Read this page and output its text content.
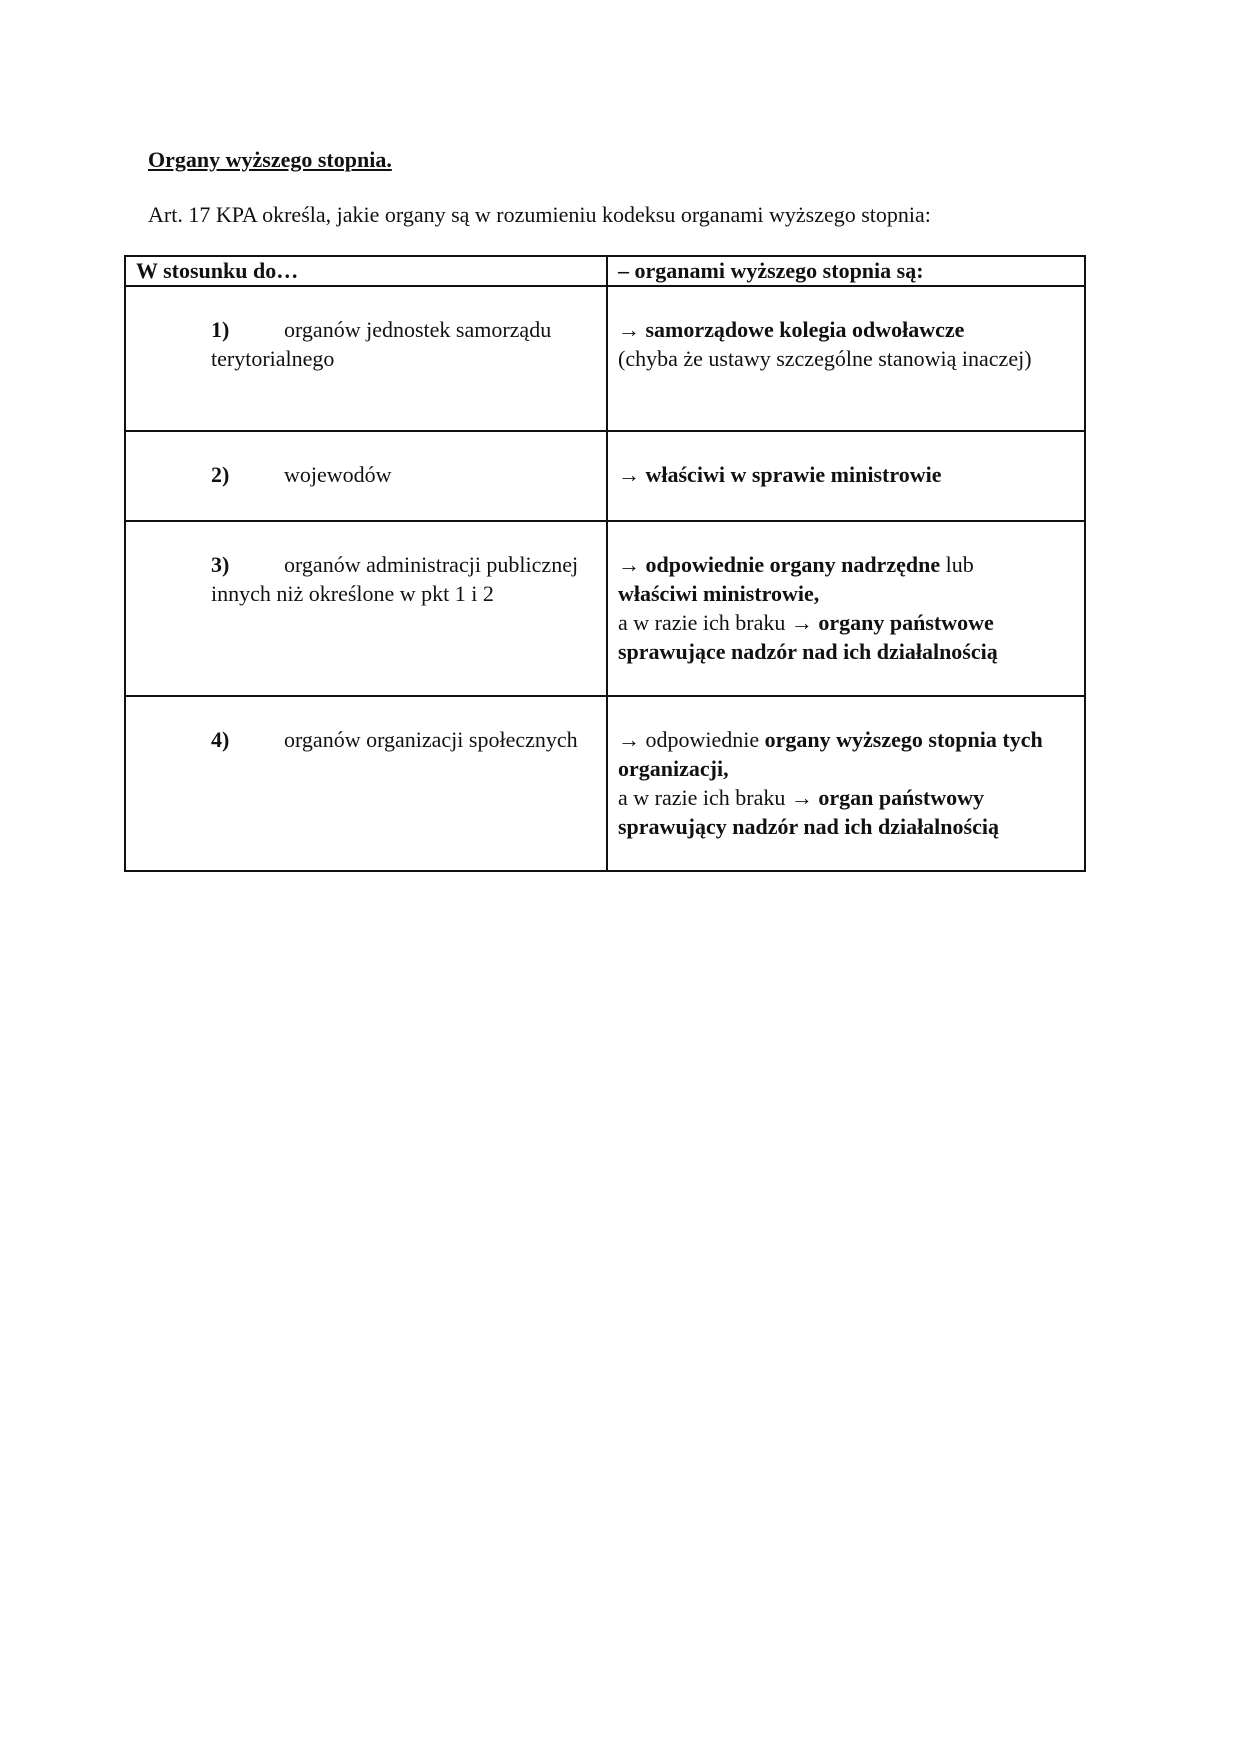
Organy wyższego stopnia.
Art. 17 KPA określa, jakie organy są w rozumieniu kodeksu organami wyższego stopnia:
W stosunku do…	– organami wyższego stopnia są:
1) organów jednostek samorządu terytorialnego	→ samorządowe kolegia odwoławcze
(chyba że ustawy szczególne stanowią inaczej)
2) wojewodów	→ właściwi w sprawie ministrowie
3) organów administracji publicznej innych niż określone w pkt 1 i 2	→ odpowiednie organy nadrzędne lub
właściwi ministrowie,
a w razie ich braku → organy państwowe sprawujące nadzór nad ich działalnością
4) organów organizacji społecznych	→ odpowiednie organy wyższego stopnia tych organizacji,
a w razie ich braku → organ państwowy sprawujący nadzór nad ich działalnością
